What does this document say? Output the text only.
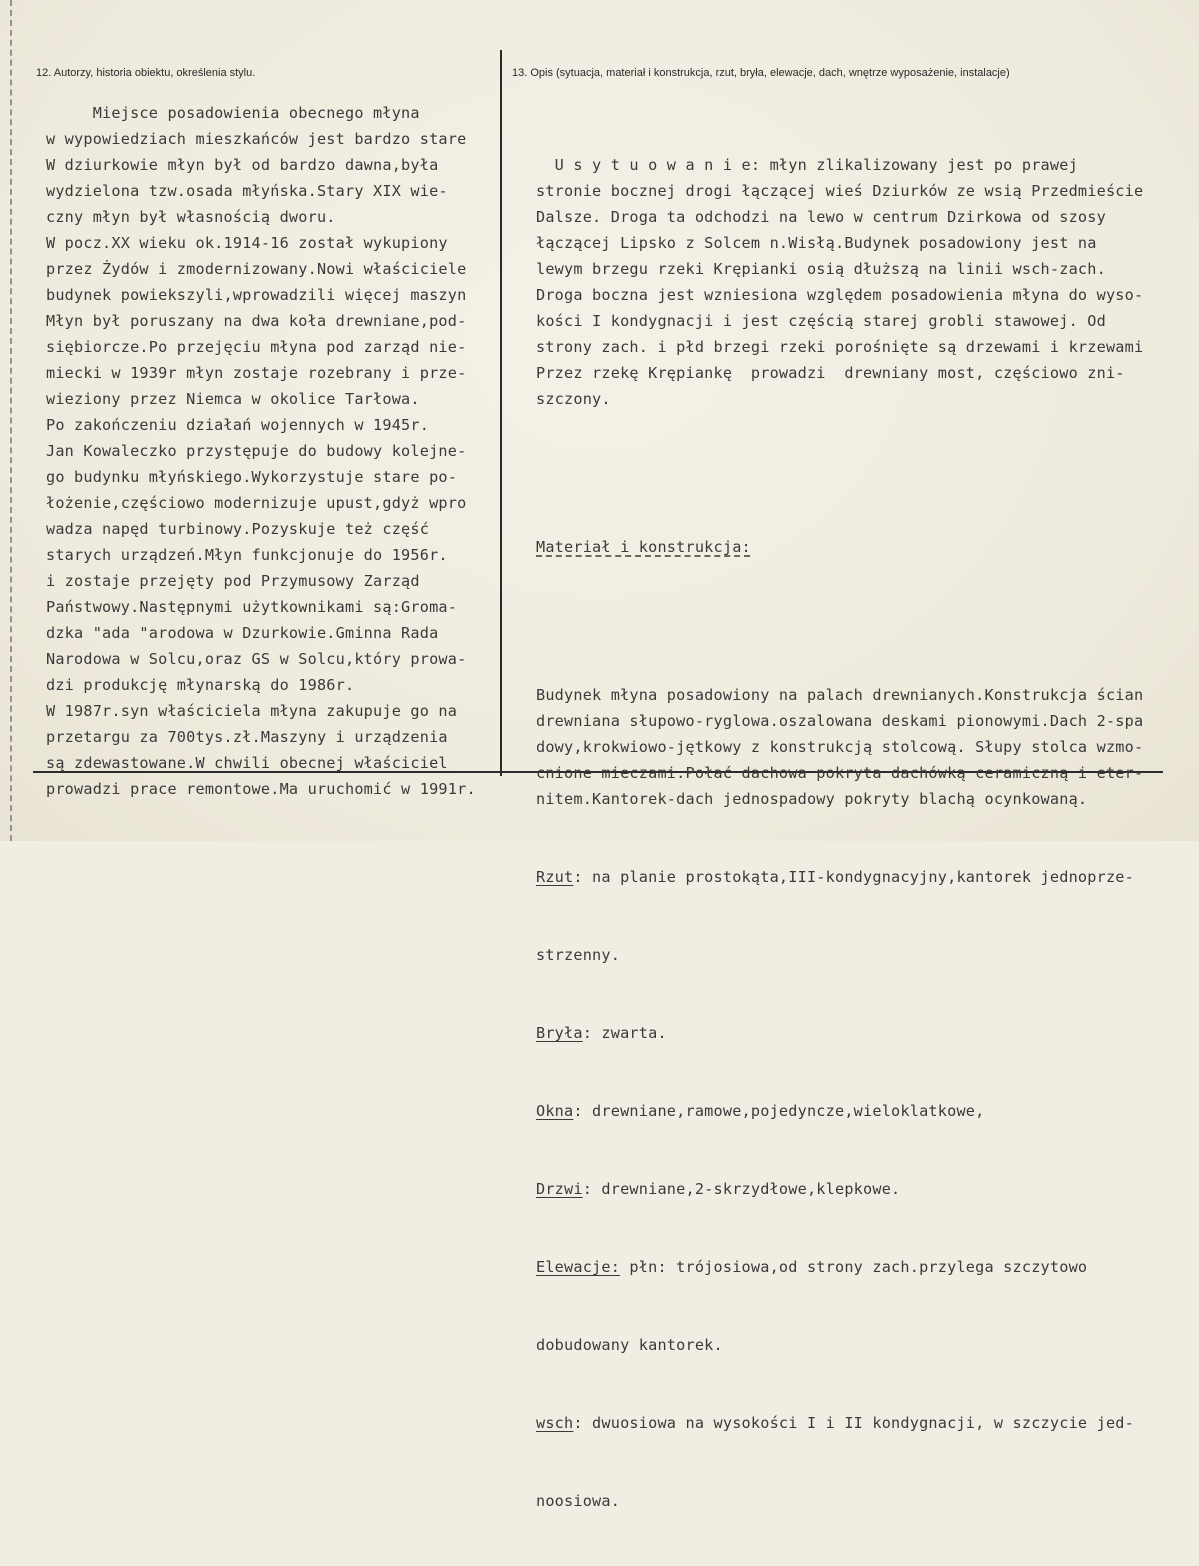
12. Autorzy, historia obiektu, określenia stylu.	13. Opis (sytuacja, materiał i konstrukcja, rzut, bryła, elewacje, dach, wnętrze wyposażenie, instalacje)
Miejsce posadowienia obecnego młyna
w wypowiedziach mieszkańców jest bardzo stare
W dziurkowie młyn był od bardzo dawna,była
wydzielona tzw.osada młyńska.Stary XIX wie-
czny młyn był własnością dworu.
W pocz.XX wieku ok.1914-16 został wykupiony
przez Żydów i zmodernizowany.Nowi właściciele
budynek powiekszyli,wprowadzili więcej maszyn
Młyn był poruszany na dwa koła drewniane,pod-
siębiorcze.Po przejęciu młyna pod zarząd nie-
miecki w 1939r młyn zostaje rozebrany i prze-
wieziony przez Niemca w okolice Tarłowa.
Po zakończeniu działań wojennych w 1945r.
Jan Kowaleczko przystępuje do budowy kolejne-
go budynku młyńskiego.Wykorzystuje stare po-
łożenie,częściowo modernizuje upust,gdyż wpro
wadza napęd turbinowy.Pozyskuje też część
starych urządzeń.Młyn funkcjonuje do 1956r.
i zostaje przejęty pod Przymusowy Zarząd
Państwowy.Następnymi użytkownikami są:Groma-
dzka "ada "arodowa w Dzurkowie.Gminna Rada
Narodowa w Solcu,oraz GS w Solcu,który prowa-
dzi produkcję młynarską do 1986r.
W 1987r.syn właściciela młyna zakupuje go na
przetargu za 700tys.zł.Maszyny i urządzenia
są zdewastowane.W chwili obecnej właściciel
prowadzi prace remontowe.Ma uruchomić w 1991r.

U s y t u o w a n i e: młyn zlikalizowany jest po prawej
stronie bocznej drogi łączącej wieś Dziurków ze wsią Przedmieście
Dalsze. Droga ta odchodzi na lewo w centrum Dzirkowa od szosy
łączącej Lipsko z Solcem n.Wisłą.Budynek posadowiony jest na
lewym brzegu rzeki Krępianki osią dłuższą na linii wsch-zach.
Droga boczna jest wzniesiona względem posadowienia młyna do wyso-
kości I kondygnacji i jest częścią starej grobli stawowej. Od
strony zach. i płd brzegi rzeki porośnięte są drzewami i krzewami
Przez rzekę Krępiankę  prowadzi  drewniany most, częściowo zni-
szczony.

Materiał i konstrukcja:

Budynek młyna posadowiony na palach drewnianych.Konstrukcja ścian
drewniana słupowo-ryglowa.oszalowana deskami pionowymi.Dach 2-spa
dowy,krokwiowo-jętkowy z konstrukcją stolcową. Słupy stolca wzmo-
cnione mieczami.Połać dachowa pokryta dachówką ceramiczną i eter-
nitem.Kantorek-dach jednospadowy pokryty blachą ocynkowaną.

Rzut: na planie prostokąta,III-kondygnacyjny,kantorek jednoprze-

strzenny.

Bryła: zwarta.

Okna: drewniane,ramowe,pojedyncze,wieloklatkowe,

Drzwi: drewniane,2-skrzydłowe,klepkowe.

Elewacje: płn: trójosiowa,od strony zach.przylega szczytowo

dobudowany kantorek.

wsch: dwuosiowa na wysokości I i II kondygnacji, w szczycie jed-

noosiowa.
